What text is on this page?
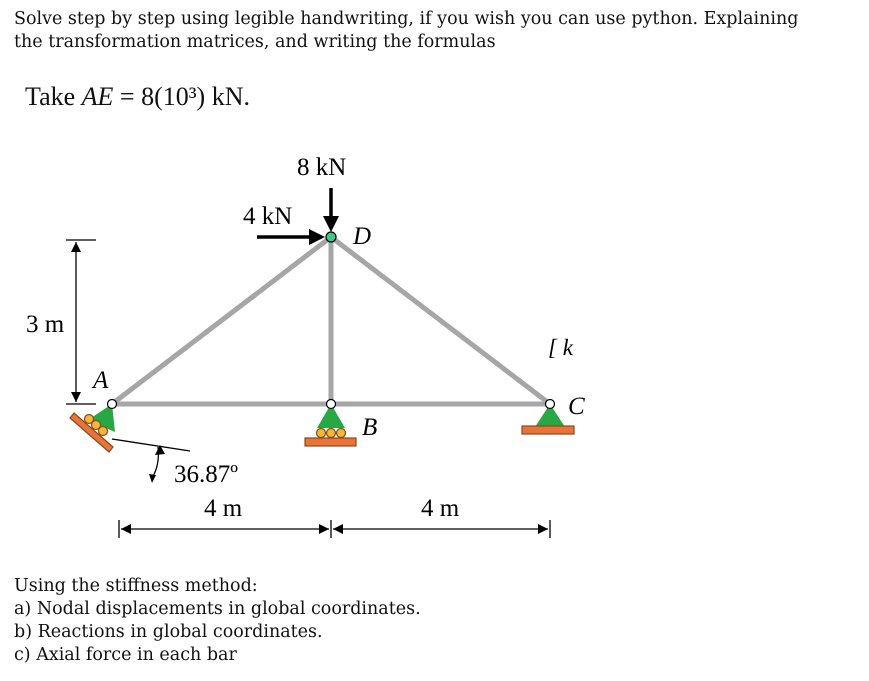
Solve step by step using legible handwriting, if you wish you can use python. Explaining
the transformation matrices, and writing the formulas
Take AE = 8(10³) kN.
8 kN
4 kN
D
A
B
C
[ k
3 m
36.87º
4 m	4 m
Using the stiffness method:
a) Nodal displacements in global coordinates.
b) Reactions in global coordinates.
c) Axial force in each bar
